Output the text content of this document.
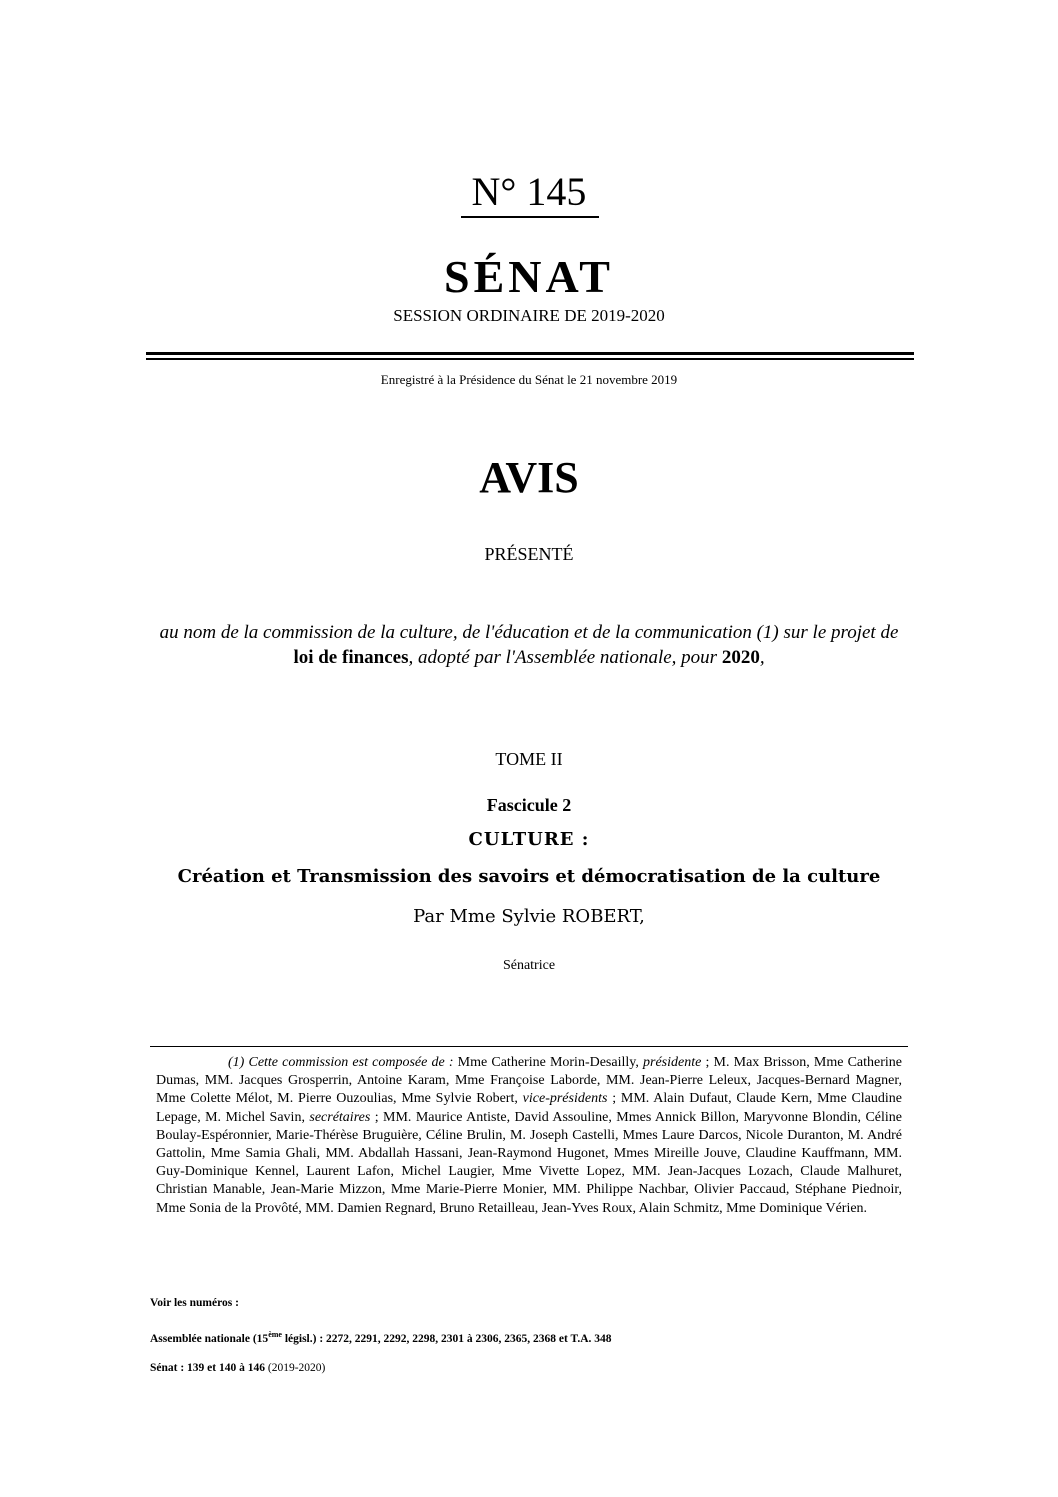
N° 145
SÉNAT
SESSION ORDINAIRE DE 2019-2020
Enregistré à la Présidence du Sénat le 21 novembre 2019
AVIS
PRÉSENTÉ
au nom de la commission de la culture, de l'éducation et de la communication (1) sur le projet de loi de finances, adopté par l'Assemblée nationale, pour 2020,
TOME II
Fascicule 2
CULTURE :
Création et Transmission des savoirs et démocratisation de la culture
Par Mme Sylvie ROBERT,
Sénatrice
(1) Cette commission est composée de : Mme Catherine Morin-Desailly, présidente ; M. Max Brisson, Mme Catherine Dumas, MM. Jacques Grosperrin, Antoine Karam, Mme Françoise Laborde, MM. Jean-Pierre Leleux, Jacques-Bernard Magner, Mme Colette Mélot, M. Pierre Ouzoulias, Mme Sylvie Robert, vice-présidents ; MM. Alain Dufaut, Claude Kern, Mme Claudine Lepage, M. Michel Savin, secrétaires ; MM. Maurice Antiste, David Assouline, Mmes Annick Billon, Maryvonne Blondin, Céline Boulay-Espéronnier, Marie-Thérèse Bruguière, Céline Brulin, M. Joseph Castelli, Mmes Laure Darcos, Nicole Duranton, M. André Gattolin, Mme Samia Ghali, MM. Abdallah Hassani, Jean-Raymond Hugonet, Mmes Mireille Jouve, Claudine Kauffmann, MM. Guy-Dominique Kennel, Laurent Lafon, Michel Laugier, Mme Vivette Lopez, MM. Jean-Jacques Lozach, Claude Malhuret, Christian Manable, Jean-Marie Mizzon, Mme Marie-Pierre Monier, MM. Philippe Nachbar, Olivier Paccaud, Stéphane Piednoir, Mme Sonia de la Provôté, MM. Damien Regnard, Bruno Retailleau, Jean-Yves Roux, Alain Schmitz, Mme Dominique Vérien.
Voir les numéros :
Assemblée nationale (15ème législ.) : 2272, 2291, 2292, 2298, 2301 à 2306, 2365, 2368 et T.A. 348
Sénat : 139 et 140 à 146 (2019-2020)
